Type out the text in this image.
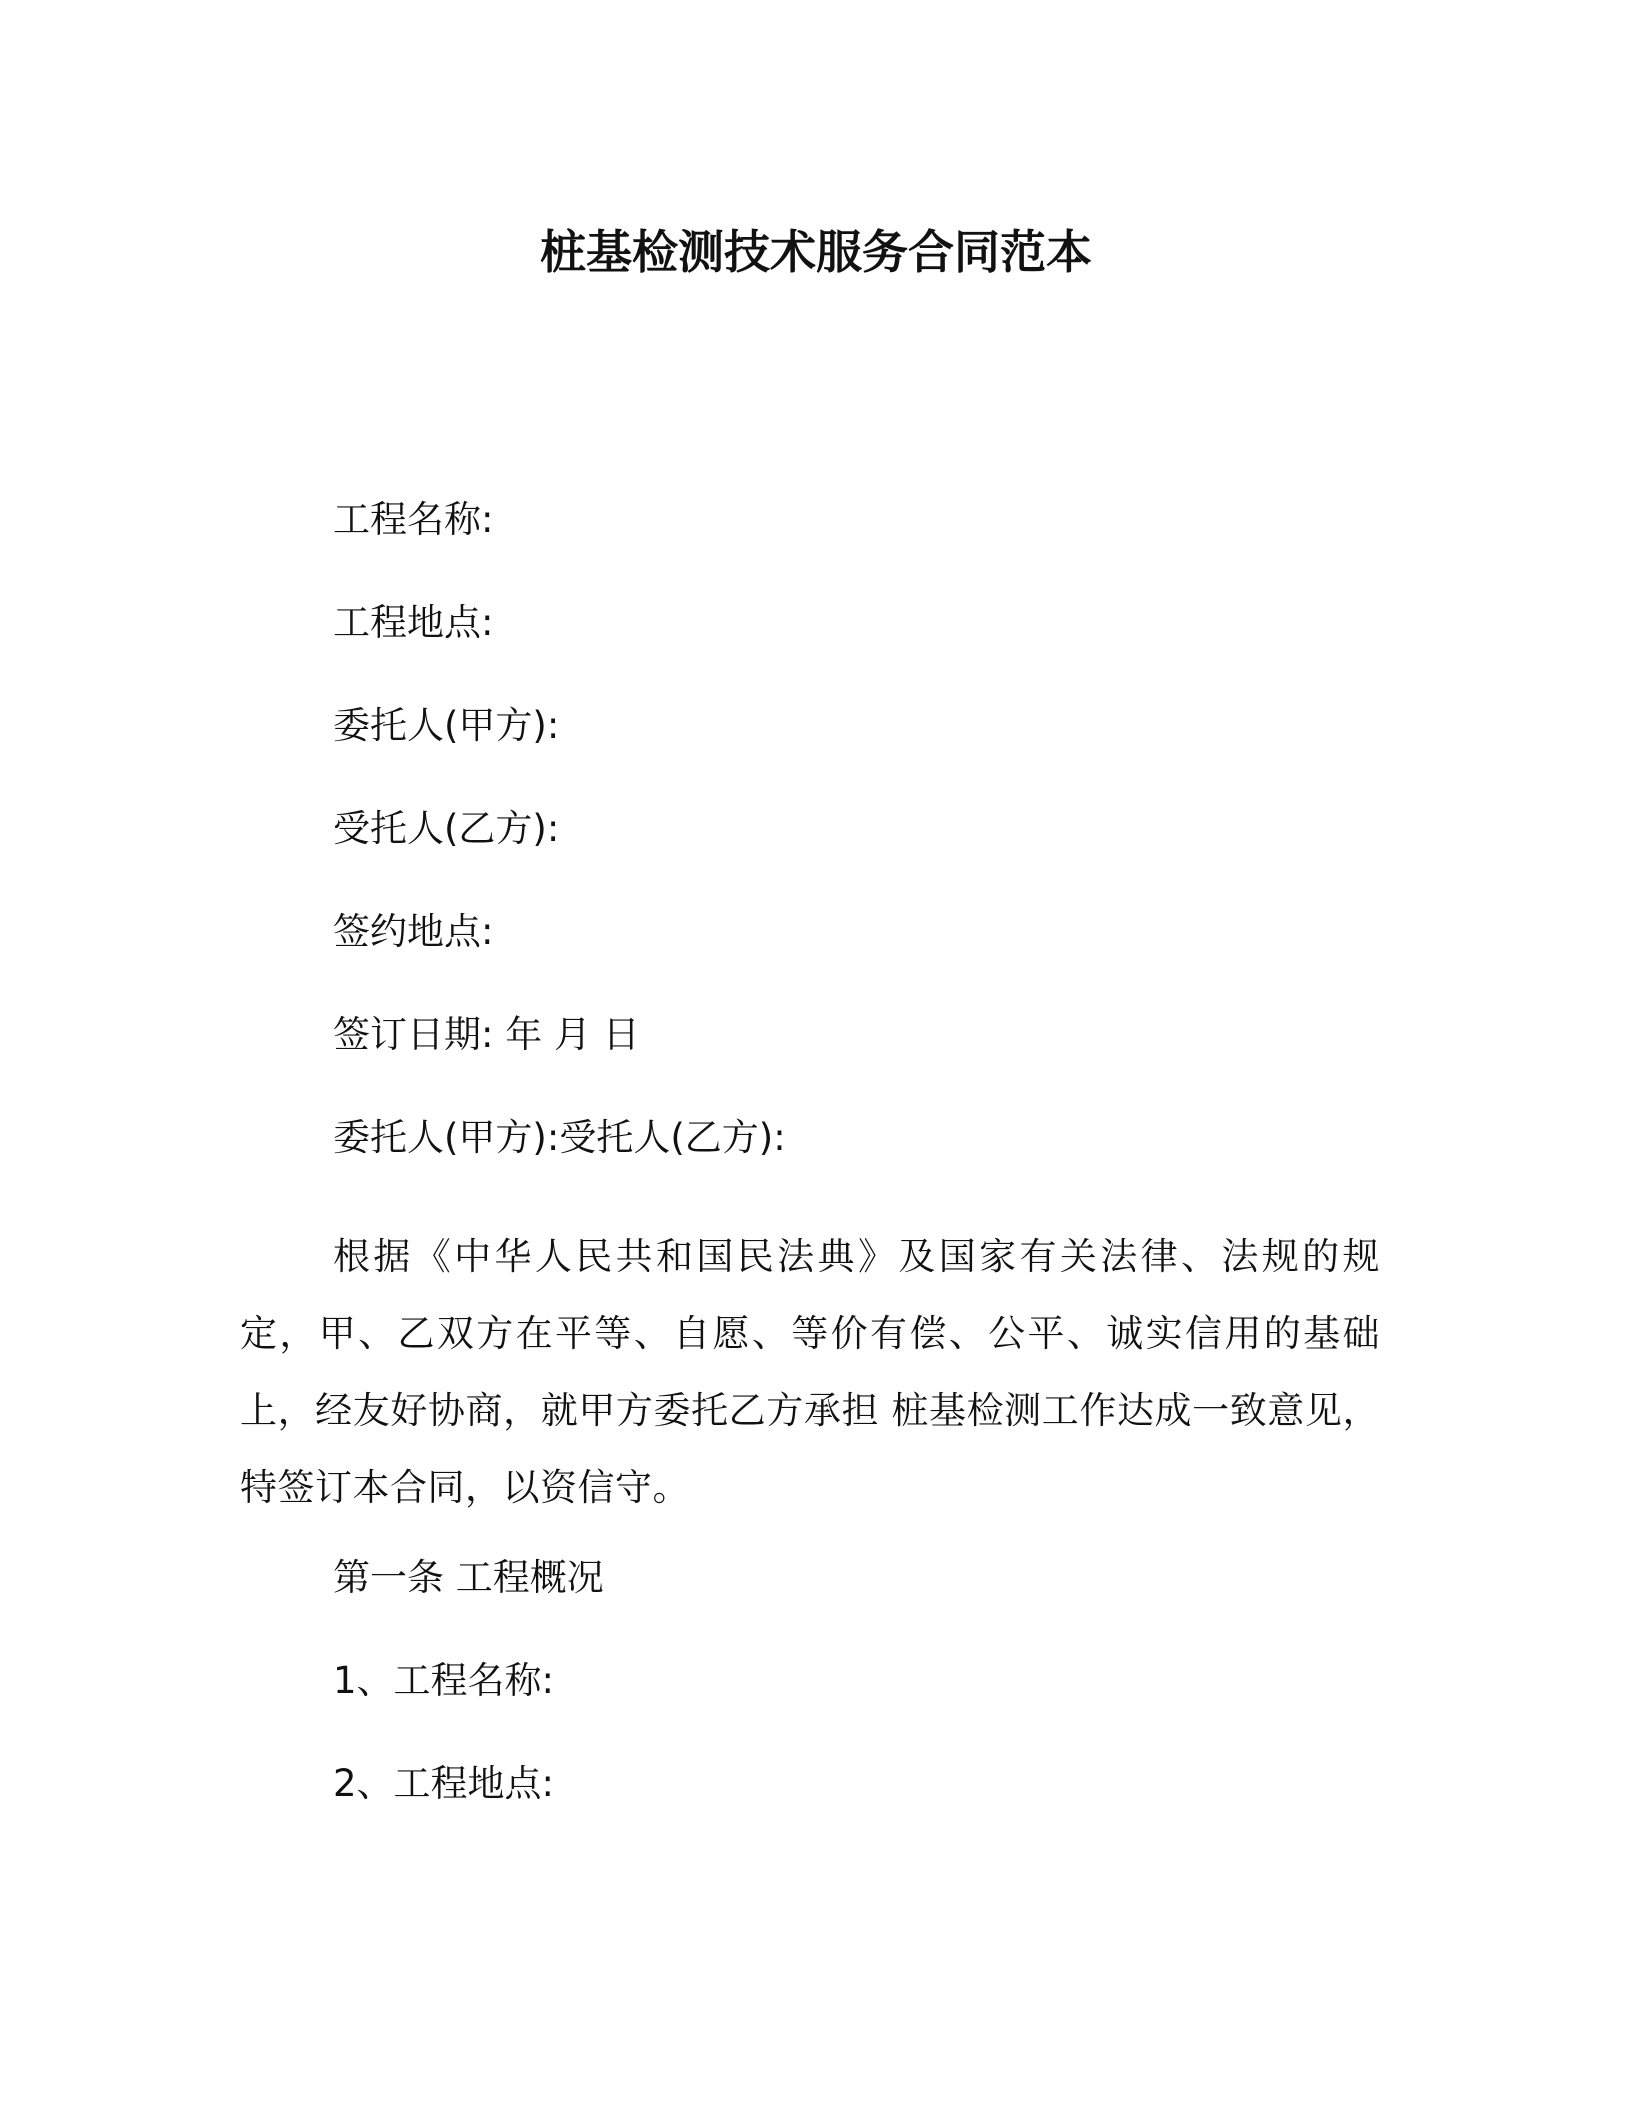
桩基检测技术服务合同范本
工程名称:
工程地点:
委托人(甲方):
受托人(乙方):
签约地点:
签订日期: 年 月 日
委托人(甲方):受托人(乙方):
根据《中华人民共和国民法典》及国家有关法律、法规的规定，甲、乙双方在平等、自愿、等价有偿、公平、诚实信用的基础上，经友好协商，就甲方委托乙方承担 桩基检测工作达成一致意见，特签订本合同，以资信守。
第一条 工程概况
1、工程名称:
2、工程地点:
